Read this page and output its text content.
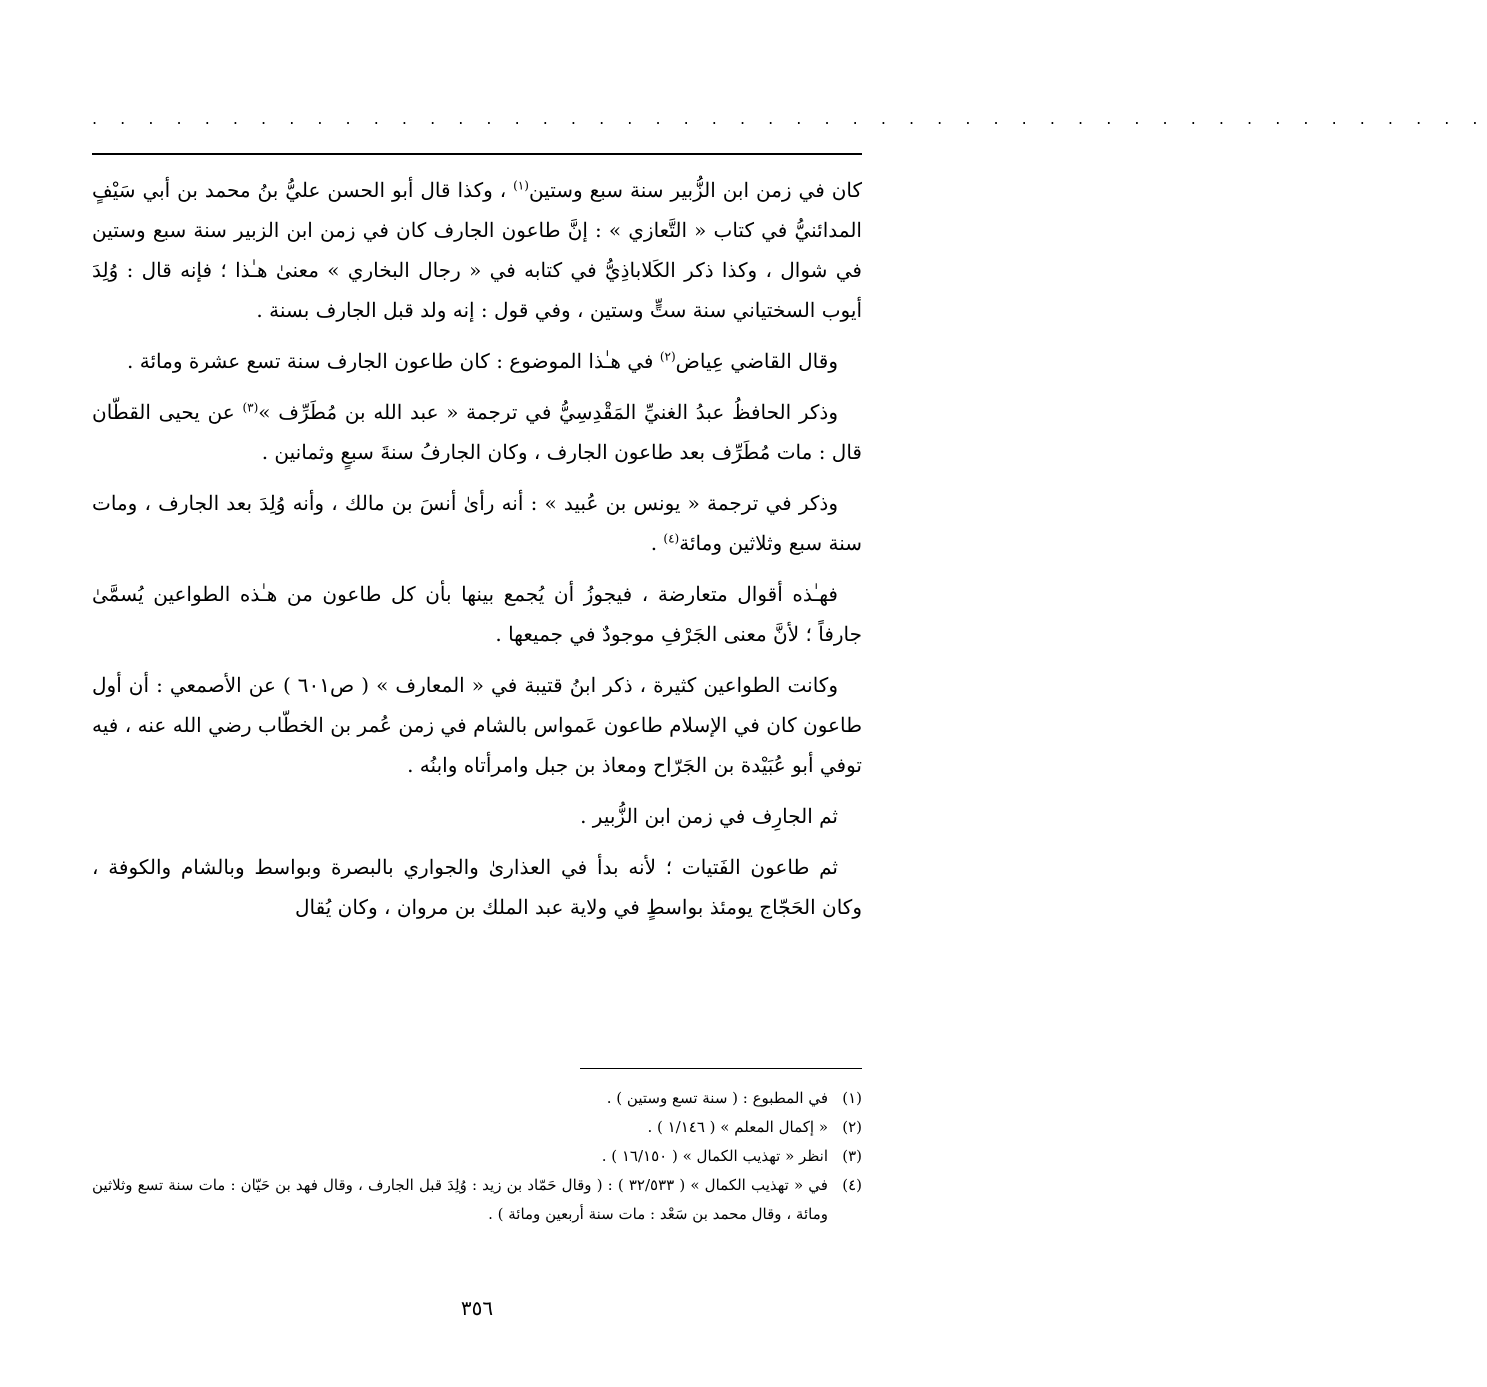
. . . . . . . . . . . . . . . . . . . . . . . . . . . . . . . . . . . . . . . . . . . . . . . . . .

كان في زمن ابن الزُّبير سنة سبع وستين$^{(١)}$ ، وكذا قال أبو الحسن عليُّ بنُ محمد بن أبي سَيْفٍ المدائنيُّ في كتاب « التَّعازي » : إنَّ طاعون الجارف كان في زمن ابن الزبير سنة سبع وستين في شوال ، وكذا ذكر الكَلاباذِيُّ في كتابه في « رجال البخاري » معنىٰ هـٰذا ؛ فإنه قال : وُلِدَ أيوب السختياني سنة ستٍّ وستين ، وفي قول : إنه ولد قبل الجارف بسنة .

وقال القاضي عِياض$^{(٢)}$ في هـٰذا الموضوع : كان طاعون الجارف سنة تسع عشرة ومائة .

وذكر الحافظُ عبدُ الغنيِّ المَقْدِسِيُّ في ترجمة « عبد الله بن مُطَرِّف »$^{(٣)}$ عن يحيى القطّان قال : مات مُطَرِّف بعد طاعون الجارف ، وكان الجارفُ سنةَ سبعٍ وثمانين .

وذكر في ترجمة « يونس بن عُبيد » : أنه رأىٰ أنسَ بن مالك ، وأنه وُلِدَ بعد الجارف ، ومات سنة سبع وثلاثين ومائة$^{(٤)}$ .

فهـٰذه أقوال متعارضة ، فيجوزُ أن يُجمع بينها بأن كل طاعون من هـٰذه الطواعين يُسمَّىٰ جارفاً ؛ لأنَّ معنى الجَرْفِ موجودٌ في جميعها .

وكانت الطواعين كثيرة ، ذكر ابنُ قتيبة في « المعارف » ( ص٦٠١ ) عن الأصمعي : أن أول طاعون كان في الإسلام طاعون عَمواس بالشام في زمن عُمر بن الخطّاب رضي الله عنه ، فيه توفي أبو عُبَيْدة بن الجَرّاح ومعاذ بن جبل وامرأتاه وابنُه .

ثم الجارِف في زمن ابن الزُّبير .

ثم طاعون الفَتيات ؛ لأنه بدأ في العذارىٰ والجواري بالبصرة وبواسط وبالشام والكوفة ، وكان الحَجّاج يومئذ بواسطٍ في ولاية عبد الملك بن مروان ، وكان يُقال

(١)
في المطبوع : ( سنة تسع وستين ) .
(٢)
« إكمال المعلم » ( ١/١٤٦ ) .
(٣)
انظر « تهذيب الكمال » ( ١٦/١٥٠ ) .
(٤)
في « تهذيب الكمال » ( ٣٢/٥٣٣ ) : ( وقال حَمّاد بن زيد : وُلِدَ قبل الجارف ، وقال فهد بن حَيّان : مات سنة تسع وثلاثين ومائة ، وقال محمد بن سَعْد : مات سنة أربعين ومائة ) .
٣٥٦
